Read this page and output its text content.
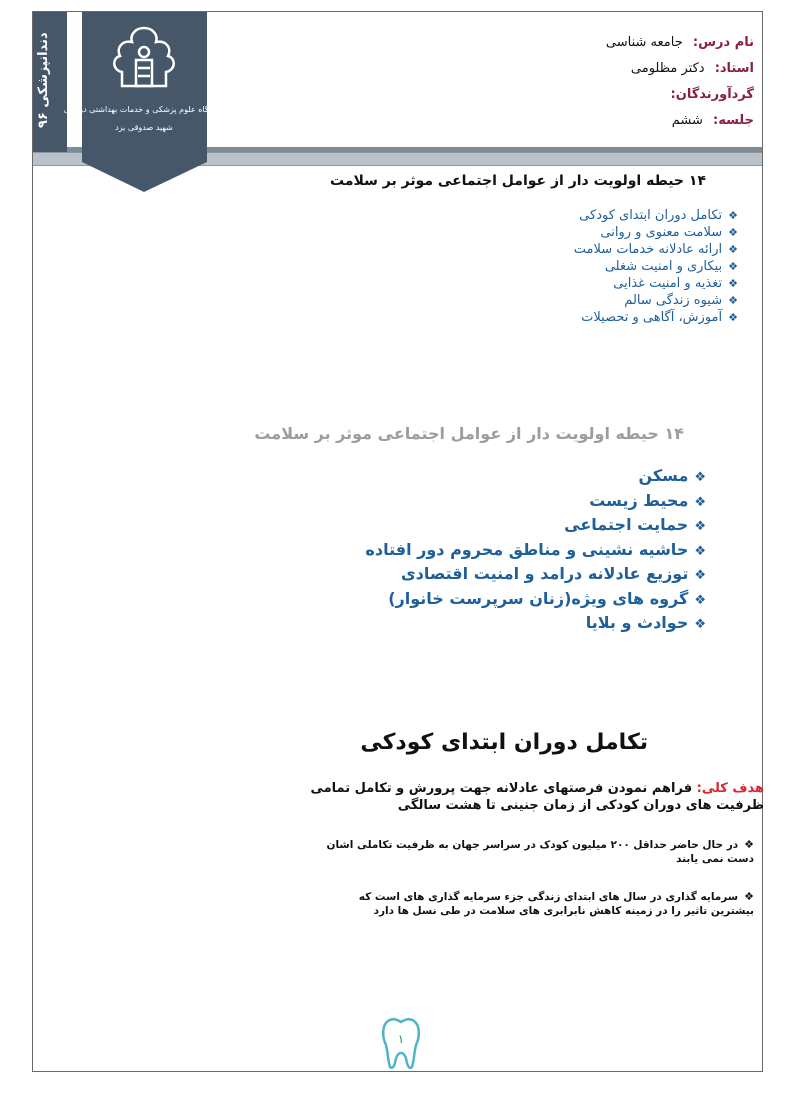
دندانپزشکی ۹۶	دانشگاه علوم پزشکی و خدمات بهداشتی درمانی
شهید صدوقی یزد
نام درس: جامعه شناسی
استاد: دکتر مظلومی
گردآورندگان:
جلسه: ششم
۱۴ حیطه اولویت دار از عوامل اجتماعی موثر بر سلامت
❖تکامل دوران ابتدای کودکی
❖سلامت معنوی و روانی
❖ارائه عادلانه خدمات سلامت
❖بیکاری و امنیت شغلی
❖تغذیه و امنیت غذایی
❖شیوه زندگی سالم
❖آموزش، آگاهی و تحصیلات
۱۴ حیطه اولویت دار از عوامل اجتماعی موثر بر سلامت
❖مسکن
❖محیط زیست
❖حمایت اجتماعی
❖حاشیه نشینی و مناطق محروم دور افتاده
❖توزیع عادلانه درامد و امنیت اقتصادی
❖گروه های ویژه(زنان سرپرست خانوار)
❖حوادث و بلایا
تکامل دوران ابتدای کودکی
هدف کلی: فراهم نمودن فرصتهای عادلانه جهت پرورش و تکامل تمامی
ظرفیت های دوران کودکی از زمان جنینی تا هشت سالگی
❖در حال حاضر حداقل ۲۰۰ میلیون کودک در سراسر جهان به ظرفیت تکاملی اشان دست نمی یابند
❖سرمایه گذاری در سال های ابتدای زندگی جزء سرمایه گذاری های است که بیشترین تاثیر را در زمینه کاهش نابرابری های سلامت در طی نسل ها دارد
۱
